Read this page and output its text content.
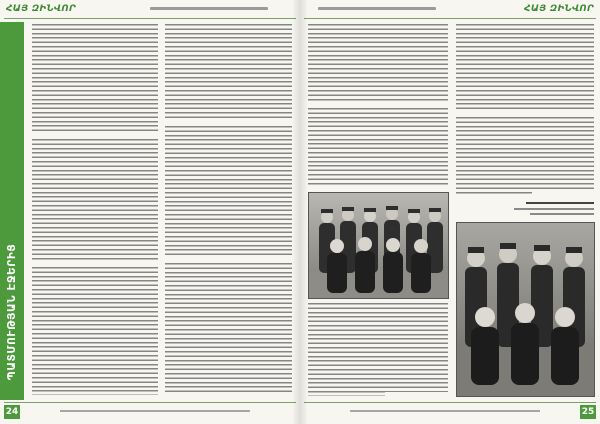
ՀԱՅ ԶԻՆՎՈՐ
ՊԱՏՄՈՒԹՅԱՆ ԷՋԵՐԻՑ
24
ՀԱՅ ԶԻՆՎՈՐ
25
